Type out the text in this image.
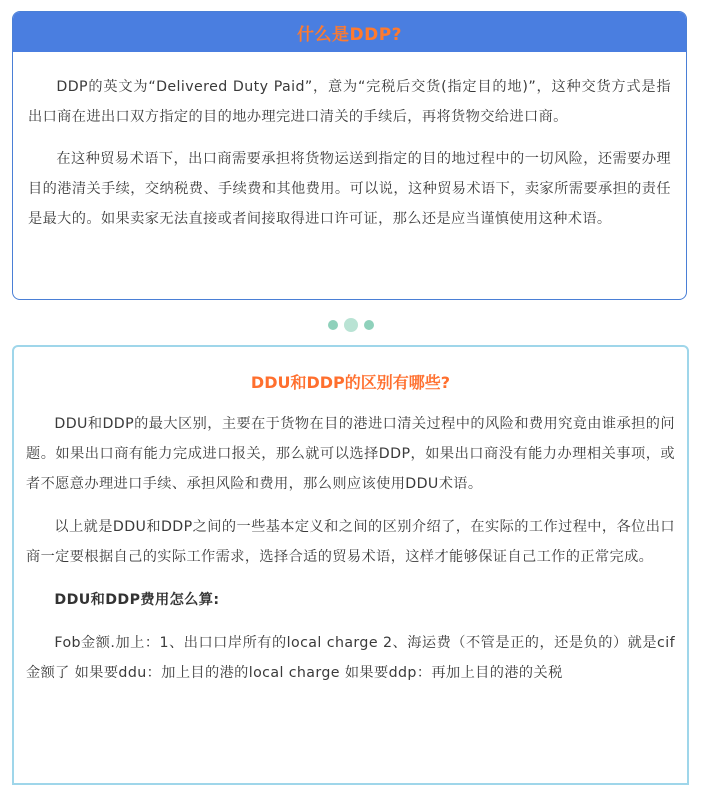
什么是DDP?

DDP的英文为“Delivered Duty Paid”，意为“完税后交货(指定目的地)”，这种交货方式是指出口商在进出口双方指定的目的地办理完进口清关的手续后，再将货物交给进口商。

在这种贸易术语下，出口商需要承担将货物运送到指定的目的地过程中的一切风险，还需要办理目的港清关手续，交纳税费、手续费和其他费用。可以说，这种贸易术语下，卖家所需要承担的责任是最大的。如果卖家无法直接或者间接取得进口许可证，那么还是应当谨慎使用这种术语。

DDU和DDP的区别有哪些?

DDU和DDP的最大区别，主要在于货物在目的港进口清关过程中的风险和费用究竟由谁承担的问题。如果出口商有能力完成进口报关，那么就可以选择DDP，如果出口商没有能力办理相关事项，或者不愿意办理进口手续、承担风险和费用，那么则应该使用DDU术语。

以上就是DDU和DDP之间的一些基本定义和之间的区别介绍了，在实际的工作过程中，各位出口商一定要根据自己的实际工作需求，选择合适的贸易术语，这样才能够保证自己工作的正常完成。

DDU和DDP费用怎么算:

Fob金额.加上：1、出口口岸所有的local charge 2、海运费（不管是正的，还是负的）就是cif金额了 如果要ddu：加上目的港的local charge 如果要ddp：再加上目的港的关税
